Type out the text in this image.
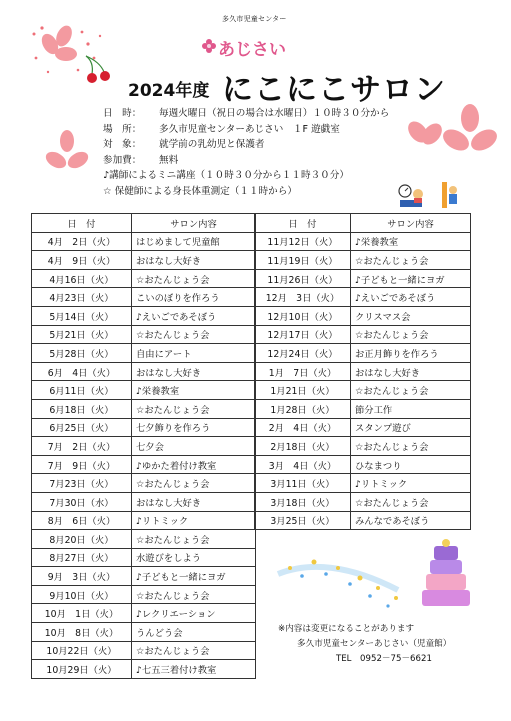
多久市児童センター
あじさい
2024年度 にこにこサロン
日　時： 毎週火曜日（祝日の場合は水曜日）１０時３０分から
場　所： 多久市児童センターあじさい　１F 遊戯室
対　象： 就学前の乳幼児と保護者
参加費： 無料
♪講師によるミニ講座（１０時３０分から１１時３０分）
☆ 保健師による身長体重測定（１１時から）
日　付	サロン内容
4月　2日（火）	はじめまして児童館
4月　9日（火）	おはなし大好き
4月16日（火）	☆おたんじょう会
4月23日（火）	こいのぼりを作ろう
5月14日（火）	♪えいごであそぼう
5月21日（火）	☆おたんじょう会
5月28日（火）	自由にアート
6月　4日（火）	おはなし大好き
6月11日（火）	♪栄養教室
6月18日（火）	☆おたんじょう会
6月25日（火）	七夕飾りを作ろう
7月　2日（火）	七夕会
7月　9日（火）	♪ゆかた着付け教室
7月23日（火）	☆おたんじょう会
7月30日（水）	おはなし大好き
8月　6日（火）	♪リトミック
8月20日（火）	☆おたんじょう会
8月27日（火）	水遊びをしよう
9月　3日（火）	♪子どもと一緒にヨガ
9月10日（火）	☆おたんじょう会
10月　1日（火）	♪レクリエーション
10月　8日（火）	うんどう会
10月22日（火）	☆おたんじょう会
10月29日（火）	♪七五三着付け教室
日　付	サロン内容
11月12日（火）	♪栄養教室
11月19日（火）	☆おたんじょう会
11月26日（火）	♪子どもと一緒にヨガ
12月　3日（火）	♪えいごであそぼう
12月10日（火）	クリスマス会
12月17日（火）	☆おたんじょう会
12月24日（火）	お正月飾りを作ろう
1月　7日（火）	おはなし大好き
1月21日（火）	☆おたんじょう会
1月28日（火）	節分工作
2月　4日（火）	スタンプ遊び
2月18日（火）	☆おたんじょう会
3月　4日（火）	ひなまつり
3月11日（火）	♪リトミック
3月18日（火）	☆おたんじょう会
3月25日（火）	みんなであそぼう
※内容は変更になることがあります
多久市児童センターあじさい（児童館）
TEL　0952－75－6621
